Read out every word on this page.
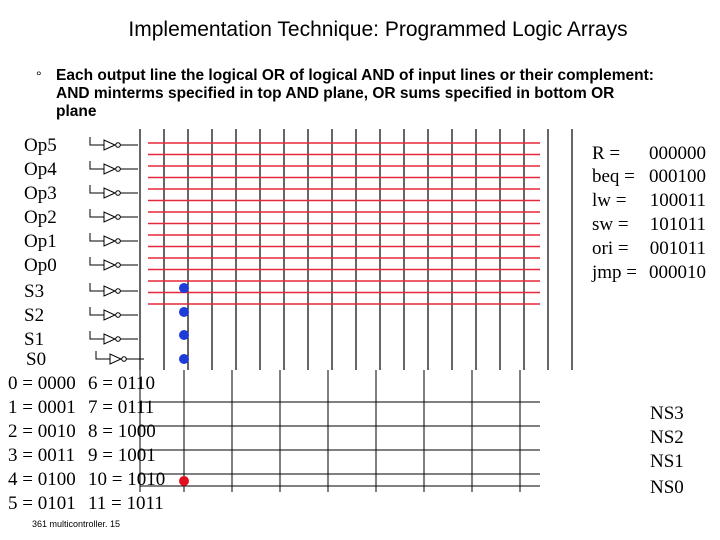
Implementation Technique: Programmed Logic Arrays
° Each output line the logical OR of logical AND of input lines or their complement: AND minterms specified in top AND plane, OR sums specified in bottom OR plane
Op5
Op4
Op3
Op2
Op1
Op0
S3
S2
S1
S0
0 = 0000
1 = 0001
2 = 0010
3 = 0011
4 = 0100
5 = 0101
6 = 0110
7 = 0111
8 = 1000
9 = 1001
10 = 1010
11 = 1011
R = 000000
beq = 000100
lw = 100011
sw = 101011
ori = 001011
jmp = 000010
NS3
NS2
NS1
NS0
361 multicontroller. 15
